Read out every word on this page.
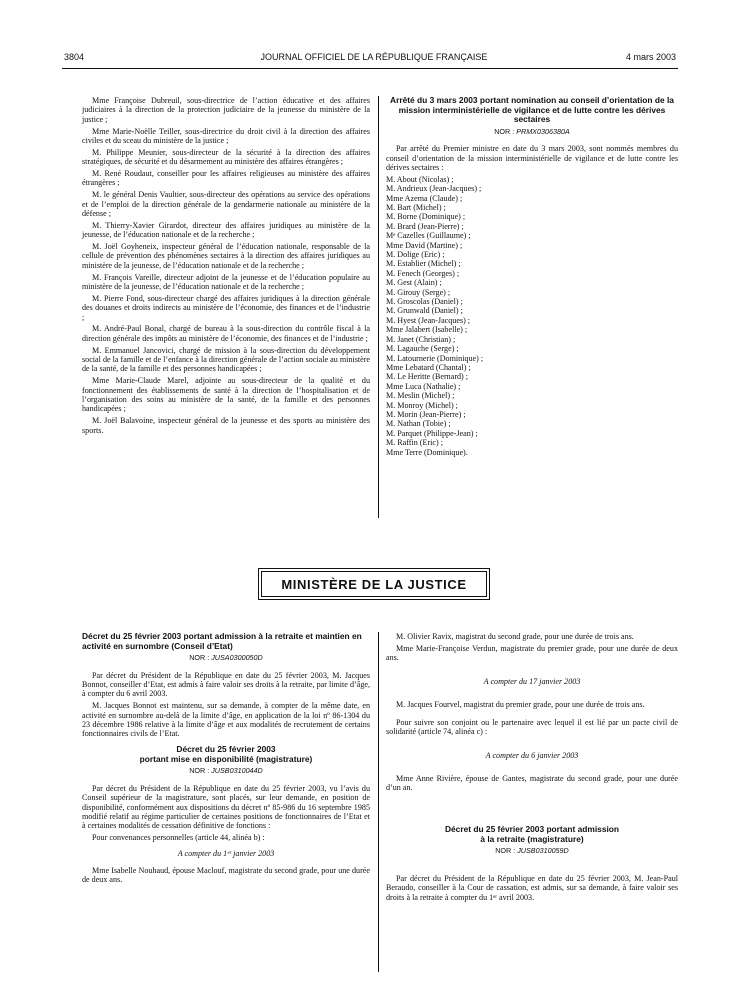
3804	JOURNAL OFFICIEL DE LA RÉPUBLIQUE FRANÇAISE	4 mars 2003

Mme Françoise Dubreuil, sous-directrice de l’action éducative et des affaires judiciaires à la direction de la protection judiciaire de la jeunesse du ministère de la justice ;

Mme Marie-Noëlle Teiller, sous-directrice du droit civil à la direction des affaires civiles et du sceau du ministère de la justice ;

M. Philippe Meunier, sous-directeur de la sécurité à la direction des affaires stratégiques, de sécurité et du désarmement au ministère des affaires étrangères ;

M. René Roudaut, conseiller pour les affaires religieuses au ministère des affaires étrangères ;

M. le général Denis Vaultier, sous-directeur des opérations au service des opérations et de l’emploi de la direction générale de la gendarmerie nationale au ministère de la défense ;

M. Thierry-Xavier Girardot, directeur des affaires juridiques au ministère de la jeunesse, de l’éducation nationale et de la recherche ;

M. Joël Goyheneix, inspecteur général de l’éducation nationale, responsable de la cellule de prévention des phénomènes sectaires à la direction des affaires juridiques au ministère de la jeunesse, de l’éducation nationale et de la recherche ;

M. François Vareille, directeur adjoint de la jeunesse et de l’éducation populaire au ministère de la jeunesse, de l’éducation nationale et de la recherche ;

M. Pierre Fond, sous-directeur chargé des affaires juridiques à la direction générale des douanes et droits indirects au ministère de l’économie, des finances et de l’industrie ;

M. André-Paul Bonal, chargé de bureau à la sous-direction du contrôle fiscal à la direction générale des impôts au ministère de l’économie, des finances et de l’industrie ;

M. Emmanuel Jancovici, chargé de mission à la sous-direction du développement social de la famille et de l’enfance à la direction générale de l’action sociale au ministère de la santé, de la famille et des personnes handicapées ;

Mme Marie-Claude Marel, adjointe au sous-directeur de la qualité et du fonctionnement des établissements de santé à la direction de l’hospitalisation et de l’organisation des soins au ministère de la santé, de la famille et des personnes handicapées ;

M. Joël Balavoine, inspecteur général de la jeunesse et des sports au ministère des sports.

Arrêté du 3 mars 2003 portant nomination au conseil d’orientation de la mission interministérielle de vigilance et de lutte contre les dérives sectaires
NOR : PRMX0306380A

Par arrêté du Premier ministre en date du 3 mars 2003, sont nommés membres du conseil d’orientation de la mission interministérielle de vigilance et de lutte contre les dérives sectaires :

M. About (Nicolas) ;
M. Andrieux (Jean-Jacques) ;
Mme Azema (Claude) ;
M. Bart (Michel) ;
M. Borne (Dominique) ;
M. Brard (Jean-Pierre) ;
Mᵉ Cazelles (Guillaume) ;
Mme David (Martine) ;
M. Dolige (Eric) ;
M. Establier (Michel) ;
M. Fenech (Georges) ;
M. Gest (Alain) ;
M. Girouy (Serge) ;
M. Groscolas (Daniel) ;
M. Grunwald (Daniel) ;
M. Hyest (Jean-Jacques) ;
Mme Jalabert (Isabelle) ;
M. Janet (Christian) ;
M. Lagauche (Serge) ;
M. Latournerie (Dominique) ;
Mme Lebatard (Chantal) ;
M. Le Heritte (Bernard) ;
Mme Luca (Nathalie) ;
M. Meslin (Michel) ;
M. Monroy (Michel) ;
M. Morin (Jean-Pierre) ;
M. Nathan (Tobie) ;
M. Parquet (Philippe-Jean) ;
M. Raffin (Eric) ;
Mme Terre (Dominique).
MINISTÈRE DE LA JUSTICE
Décret du 25 février 2003 portant admission à la retraite et maintien en activité en surnombre (Conseil d’Etat)
NOR : JUSA0300050D

Par décret du Président de la République en date du 25 février 2003, M. Jacques Bonnot, conseiller d’Etat, est admis à faire valoir ses droits à la retraite, par limite d’âge, à compter du 6 avril 2003.

M. Jacques Bonnot est maintenu, sur sa demande, à compter de la même date, en activité en surnombre au-delà de la limite d’âge, en application de la loi nº 86-1304 du 23 décembre 1986 relative à la limite d’âge et aux modalités de recrutement de certains fonctionnaires civils de l’Etat.

Décret du 25 février 2003
portant mise en disponibilité (magistrature)
NOR : JUSB0310044D

Par décret du Président de la République en date du 25 février 2003, vu l’avis du Conseil supérieur de la magistrature, sont placés, sur leur demande, en position de disponibilité, conformément aux dispositions du décret nº 85-986 du 16 septembre 1985 modifié relatif au régime particulier de certaines positions de fonctionnaires de l’Etat et à certaines modalités de cessation définitive de fonctions :

Pour convenances personnelles (article 44, alinéa b) :

A compter du 1ᵉʳ janvier 2003

Mme Isabelle Nouhaud, épouse Maclouf, magistrate du second grade, pour une durée de deux ans.

M. Olivier Ravix, magistrat du second grade, pour une durée de trois ans.

Mme Marie-Françoise Verdun, magistrate du premier grade, pour une durée de deux ans.

A compter du 17 janvier 2003

M. Jacques Fourvel, magistrat du premier grade, pour une durée de trois ans.

Pour suivre son conjoint ou le partenaire avec lequel il est lié par un pacte civil de solidarité (article 74, alinéa c) :

A compter du 6 janvier 2003

Mme Anne Rivière, épouse de Gantes, magistrate du second grade, pour une durée d’un an.

Décret du 25 février 2003 portant admission
à la retraite (magistrature)
NOR : JUSB0310059D

Par décret du Président de la République en date du 25 février 2003, M. Jean-Paul Beraudo, conseiller à la Cour de cassation, est admis, sur sa demande, à faire valoir ses droits à la retraite à compter du 1ᵉʳ avril 2003.
